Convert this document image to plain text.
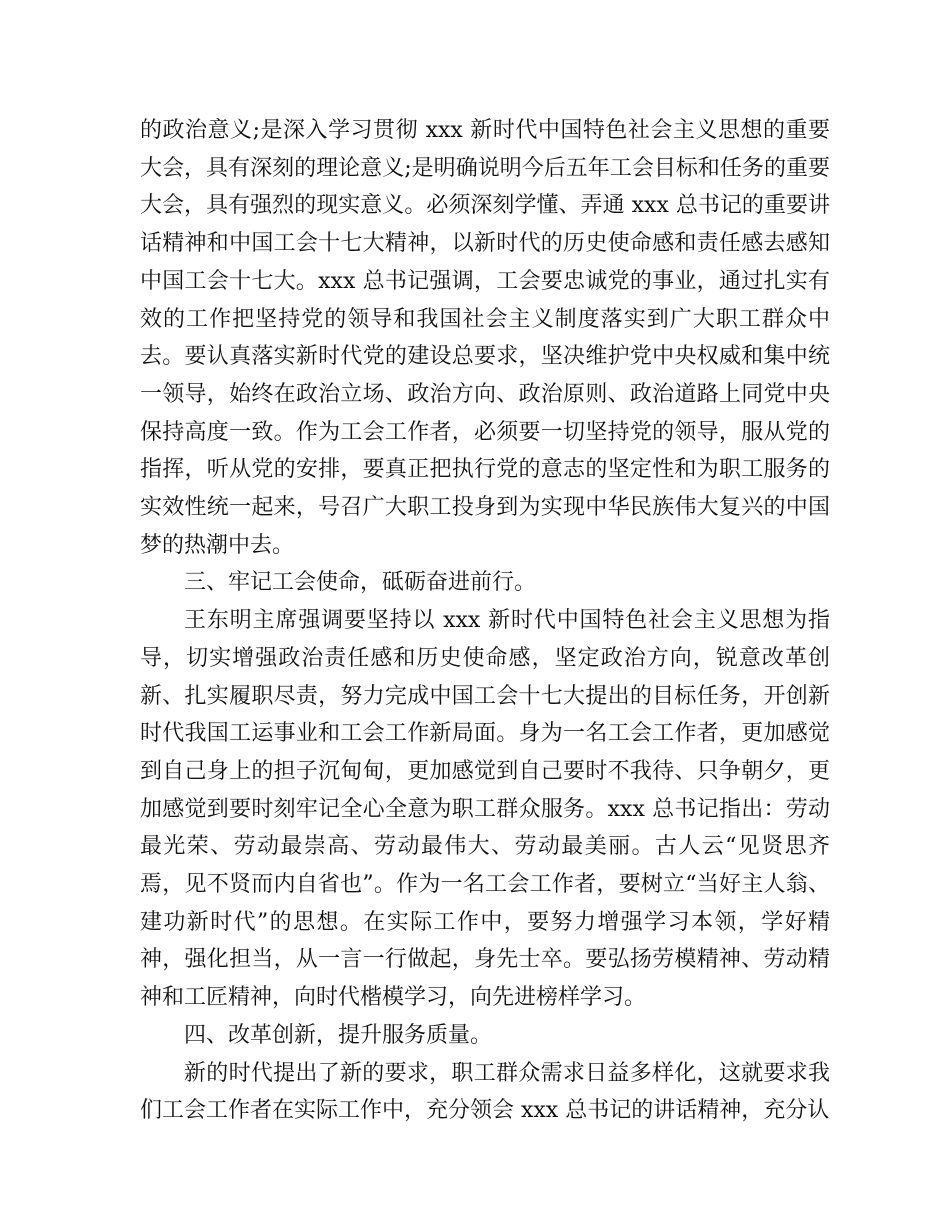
的政治意义;是深入学习贯彻 xxx 新时代中国特色社会主义思想的重要大会，具有深刻的理论意义;是明确说明今后五年工会目标和任务的重要大会，具有强烈的现实意义。必须深刻学懂、弄通 xxx 总书记的重要讲话精神和中国工会十七大精神，以新时代的历史使命感和责任感去感知中国工会十七大。xxx 总书记强调，工会要忠诚党的事业，通过扎实有效的工作把坚持党的领导和我国社会主义制度落实到广大职工群众中去。要认真落实新时代党的建设总要求，坚决维护党中央权威和集中统一领导，始终在政治立场、政治方向、政治原则、政治道路上同党中央保持高度一致。作为工会工作者，必须要一切坚持党的领导，服从党的指挥，听从党的安排，要真正把执行党的意志的坚定性和为职工服务的实效性统一起来，号召广大职工投身到为实现中华民族伟大复兴的中国梦的热潮中去。

三、牢记工会使命，砥砺奋进前行。

王东明主席强调要坚持以 xxx 新时代中国特色社会主义思想为指导，切实增强政治责任感和历史使命感，坚定政治方向，锐意改革创新、扎实履职尽责，努力完成中国工会十七大提出的目标任务，开创新时代我国工运事业和工会工作新局面。身为一名工会工作者，更加感觉到自己身上的担子沉甸甸，更加感觉到自己要时不我待、只争朝夕，更加感觉到要时刻牢记全心全意为职工群众服务。xxx 总书记指出：劳动最光荣、劳动最崇高、劳动最伟大、劳动最美丽。古人云“见贤思齐焉，见不贤而内自省也”。作为一名工会工作者，要树立“当好主人翁、建功新时代”的思想。在实际工作中，要努力增强学习本领，学好精神，强化担当，从一言一行做起，身先士卒。要弘扬劳模精神、劳动精神和工匠精神，向时代楷模学习，向先进榜样学习。

四、改革创新，提升服务质量。

新的时代提出了新的要求，职工群众需求日益多样化，这就要求我们工会工作者在实际工作中，充分领会 xxx 总书记的讲话精神，充分认
